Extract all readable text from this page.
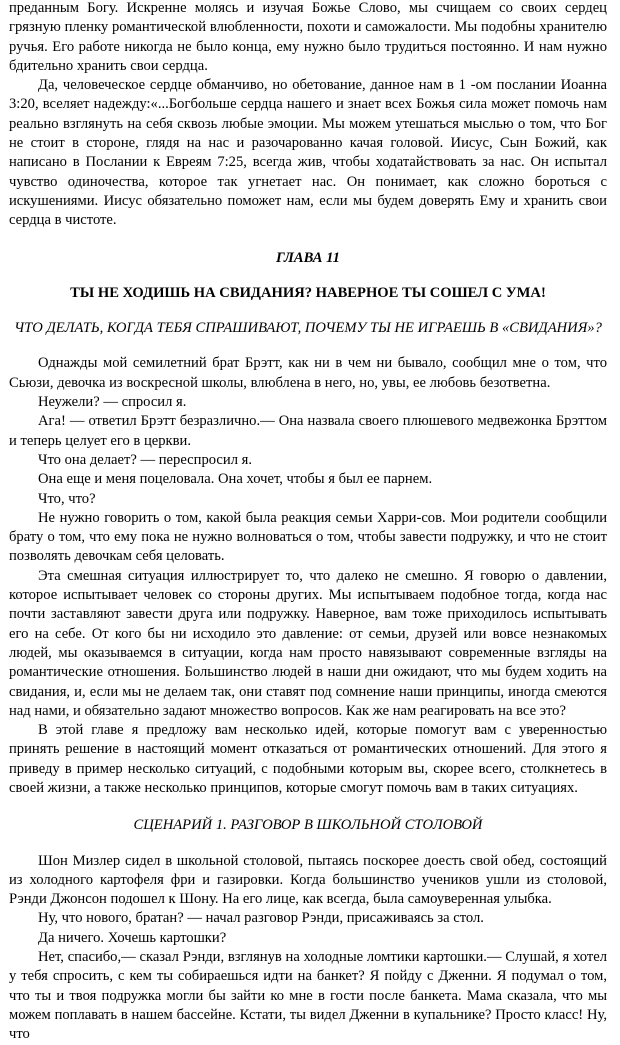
преданным Богу. Искренне молясь и изучая Божье Слово, мы счищаем со своих сердец грязную пленку романтической влюбленности, похоти и саможалости. Мы подобны хранителю ручья. Его работе никогда не было конца, ему нужно было трудиться постоянно. И нам нужно бдительно хранить свои сердца.

Да, человеческое сердце обманчиво, но обетование, данное нам в 1 -ом послании Иоанна 3:20, вселяет надежду:«...Богбольше сердца нашего и знает всех Божья сила может помочь нам реально взглянуть на себя сквозь любые эмоции. Мы можем утешаться мыслью о том, что Бог не стоит в стороне, глядя на нас и разочарованно качая головой. Иисус, Сын Божий, как написано в Послании к Евреям 7:25, всегда жив, чтобы ходатайствовать за нас. Он испытал чувство одиночества, которое так угнетает нас. Он понимает, как сложно бороться с искушениями. Иисус обязательно поможет нам, если мы будем доверять Ему и хранить свои сердца в чистоте.

ГЛАВА 11

ТЫ НЕ ХОДИШЬ НА СВИДАНИЯ? НАВЕРНОЕ ТЫ СОШЕЛ С УМА!

ЧТО ДЕЛАТЬ, КОГДА ТЕБЯ СПРАШИВАЮТ, ПОЧЕМУ ТЫ НЕ ИГРАЕШЬ В «СВИДАНИЯ»?

Однажды мой семилетний брат Брэтт, как ни в чем ни бывало, сообщил мне о том, что Сьюзи, девочка из воскресной школы, влюблена в него, но, увы, ее любовь безответна.

Неужели? — спросил я.

Ага! — ответил Брэтт безразлично.— Она назвала своего плюшевого медвежонка Брэттом и теперь целует его в церкви.

Что она делает? — переспросил я.

Она еще и меня поцеловала. Она хочет, чтобы я был ее парнем.

Что, что?

Не нужно говорить о том, какой была реакция семьи Харри-сов. Мои родители сообщили брату о том, что ему пока не нужно волноваться о том, чтобы завести подружку, и что не стоит позволять девочкам себя целовать.

Эта смешная ситуация иллюстрирует то, что далеко не смешно. Я говорю о давлении, которое испытывает человек со стороны других. Мы испытываем подобное тогда, когда нас почти заставляют завести друга или подружку. Наверное, вам тоже приходилось испытывать его на себе. От кого бы ни исходило это давление: от семьи, друзей или вовсе незнакомых людей, мы оказываемся в ситуации, когда нам просто навязывают современные взгляды на романтические отношения. Большинство людей в наши дни ожидают, что мы будем ходить на свидания, и, если мы не делаем так, они ставят под сомнение наши принципы, иногда смеются над нами, и обязательно задают множество вопросов. Как же нам реагировать на все это?

В этой главе я предложу вам несколько идей, которые помогут вам с уверенностью принять решение в настоящий момент отказаться от романтических отношений. Для этого я приведу в пример несколько ситуаций, с подобными которым вы, скорее всего, столкнетесь в своей жизни, а также несколько принципов, которые смогут помочь вам в таких ситуациях.

СЦЕНАРИЙ 1. РАЗГОВОР В ШКОЛЬНОЙ СТОЛОВОЙ

Шон Мизлер сидел в школьной столовой, пытаясь поскорее доесть свой обед, состоящий из холодного картофеля фри и газировки. Когда большинство учеников ушли из столовой, Рэнди Джонсон подошел к Шону. На его лице, как всегда, была самоуверенная улыбка.

Ну, что нового, братан? — начал разговор Рэнди, присаживаясь за стол.

Да ничего. Хочешь картошки?

Нет, спасибо,— сказал Рэнди, взглянув на холодные ломтики картошки.— Слушай, я хотел у тебя спросить, с кем ты собираешься идти на банкет? Я пойду с Дженни. Я подумал о том, что ты и твоя подружка могли бы зайти ко мне в гости после банкета. Мама сказала, что мы можем поплавать в нашем бассейне. Кстати, ты видел Дженни в купальнике? Просто класс! Ну, что
